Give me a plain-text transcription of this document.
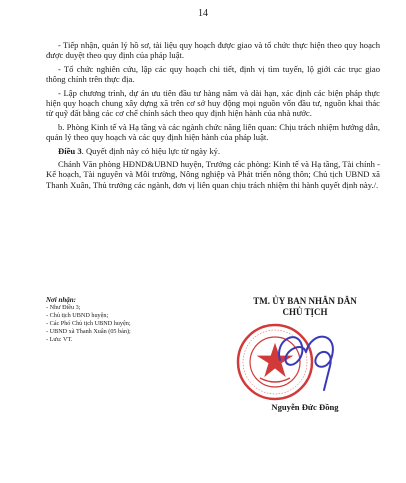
14

- Tiếp nhận, quản lý hồ sơ, tài liệu quy hoạch được giao và tổ chức thực hiện theo quy hoạch được duyệt theo quy định của pháp luật.

- Tổ chức nghiên cứu, lập các quy hoạch chi tiết, định vị tìm tuyến, lộ giới các trục giao thông chính trên thực địa.

- Lập chương trình, dự án ưu tiên đầu tư hàng năm và dài hạn, xác định các biện pháp thực hiện quy hoạch chung xây dựng xã trên cơ sở huy động mọi nguồn vốn đầu tư, nguồn khai thác từ quỹ đất bằng các cơ chế chính sách theo quy định hiện hành của nhà nước.

b. Phòng Kinh tế và Hạ tầng và các ngành chức năng liên quan: Chịu trách nhiệm hướng dẫn, quản lý theo quy hoạch và các quy định hiện hành của pháp luật.

Điều 3. Quyết định này có hiệu lực từ ngày ký.

Chánh Văn phòng HĐND&UBND huyện, Trưởng các phòng: Kinh tế và Hạ tầng, Tài chính - Kế hoạch, Tài nguyên và Môi trường, Nông nghiệp và Phát triển nông thôn; Chủ tịch UBND xã Thanh Xuân, Thủ trưởng các ngành, đơn vị liên quan chịu trách nhiệm thi hành quyết định này./.

Nơi nhận:
- Như Điều 3;
- Chủ tịch UBND huyện;
- Các Phó Chủ tịch UBND huyện;
- UBND xã Thanh Xuân (05 bản);
- Lưu: VT.
TM. ỦY BAN NHÂN DÂN
CHỦ TỊCH
Nguyễn Đức Đồng
